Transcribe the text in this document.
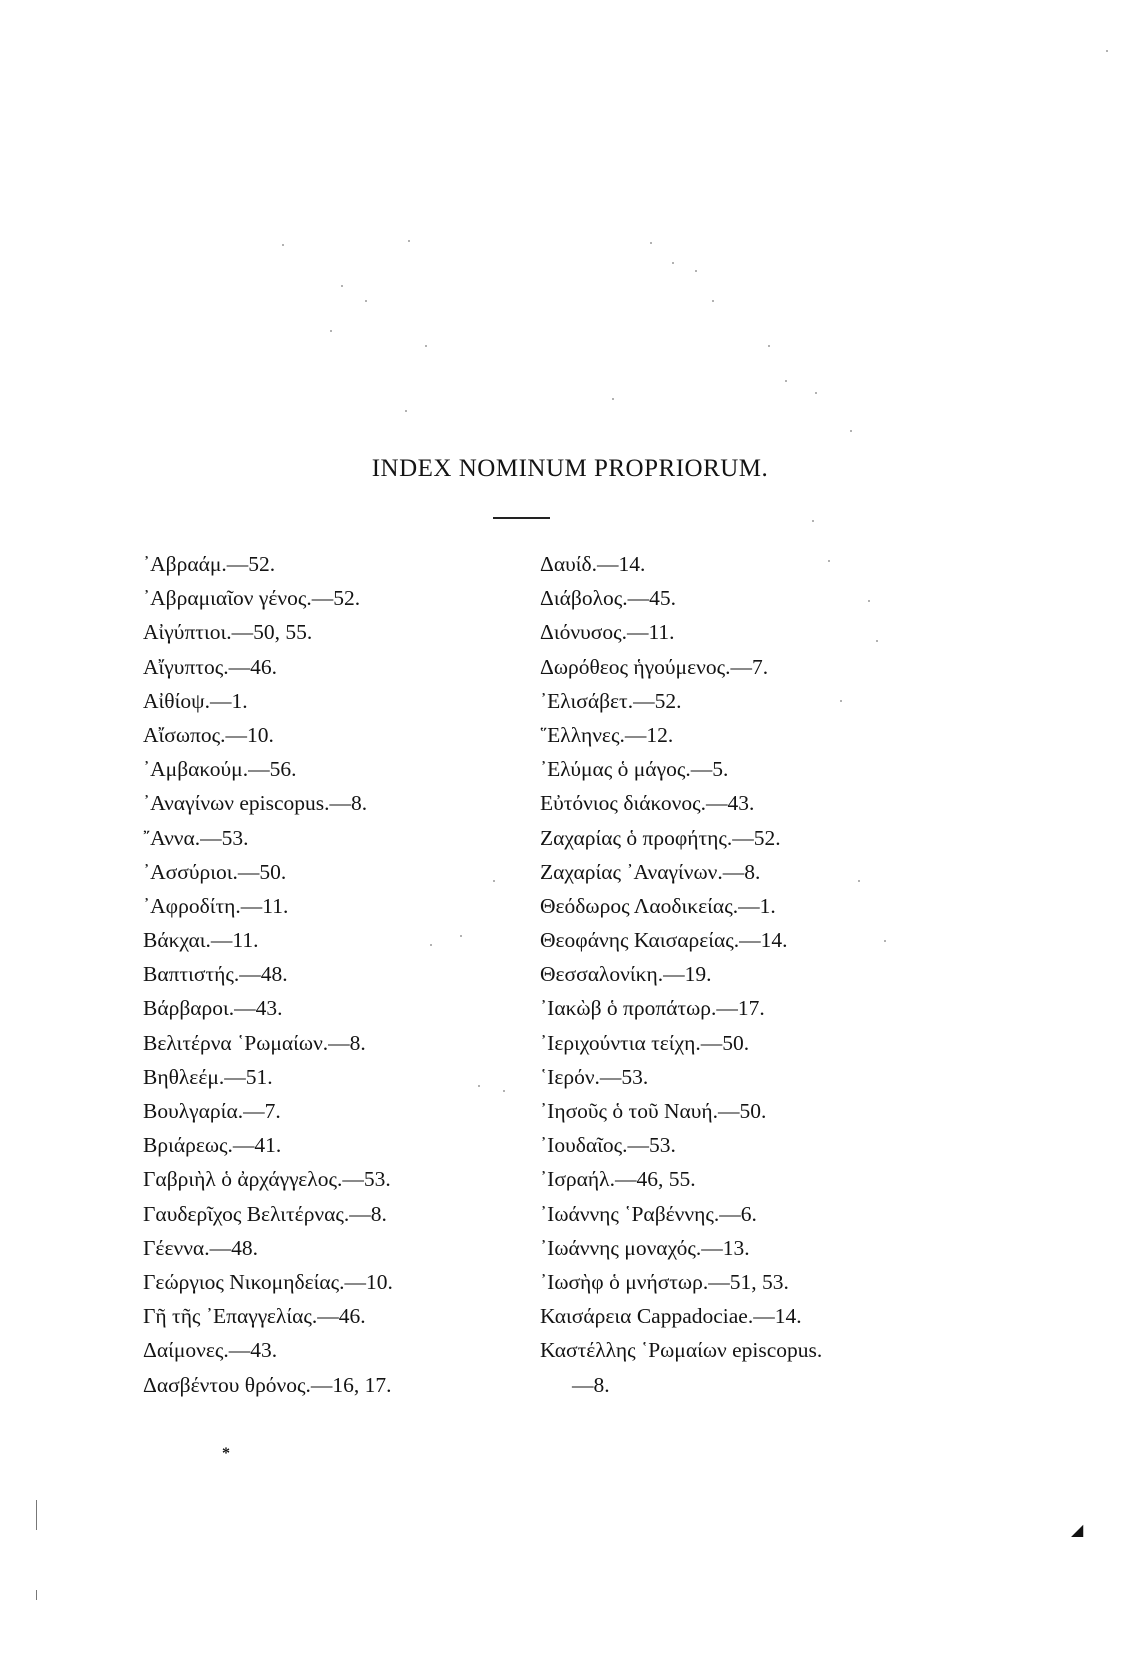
INDEX NOMINUM PROPRIORUM.
᾿Αβραάμ.—52.
᾿Αβραμιαῖον γένος.—52.
Αἰγύπτιοι.—50, 55.
Αἴγυπτος.—46.
Αἰθίοψ.—1.
Αἴσωπος.—10.
᾿Αμβακούμ.—56.
᾿Αναγίνων episcopus.—8.
῎Αννα.—53.
᾿Ασσύριοι.—50.
᾿Αφροδίτη.—11.
Βάκχαι.—11.
Βαπτιστής.—48.
Βάρβαροι.—43.
Βελιτέρνα ῾Ρωμαίων.—8.
Βηθλεέμ.—51.
Βουλγαρία.—7.
Βριάρεως.—41.
Γαβριὴλ ὁ ἀρχάγγελος.—53.
Γαυδερῖχος Βελιτέρνας.—8.
Γέεννα.—48.
Γεώργιος Νικομηδείας.—10.
Γῆ τῆς ᾿Επαγγελίας.—46.
Δαίμονες.—43.
Δασβέντου θρόνος.—16, 17.
Δαυίδ.—14.
Διάβολος.—45.
Διόνυσος.—11.
Δωρόθεος ἡγούμενος.—7.
᾿Ελισάβετ.—52.
῞Ελληνες.—12.
᾿Ελύμας ὁ μάγος.—5.
Εὐτόνιος διάκονος.—43.
Ζαχαρίας ὁ προφήτης.—52.
Ζαχαρίας ᾿Αναγίνων.—8.
Θεόδωρος Λαοδικείας.—1.
Θεοφάνης Καισαρείας.—14.
Θεσσαλονίκη.—19.
᾿Ιακὼβ ὁ προπάτωρ.—17.
᾿Ιεριχούντια τείχη.—50.
῾Ιερόν.—53.
᾿Ιησοῦς ὁ τοῦ Ναυή.—50.
᾿Ιουδαῖος.—53.
᾿Ισραήλ.—46, 55.
᾿Ιωάννης ῾Ραβέννης.—6.
᾿Ιωάννης μοναχός.—13.
᾿Ιωσὴφ ὁ μνήστωρ.—51, 53.
Καισάρεια Cappadociae.—14.
Καστέλλης ῾Ρωμαίων episcopus.
—8.
*
◢
